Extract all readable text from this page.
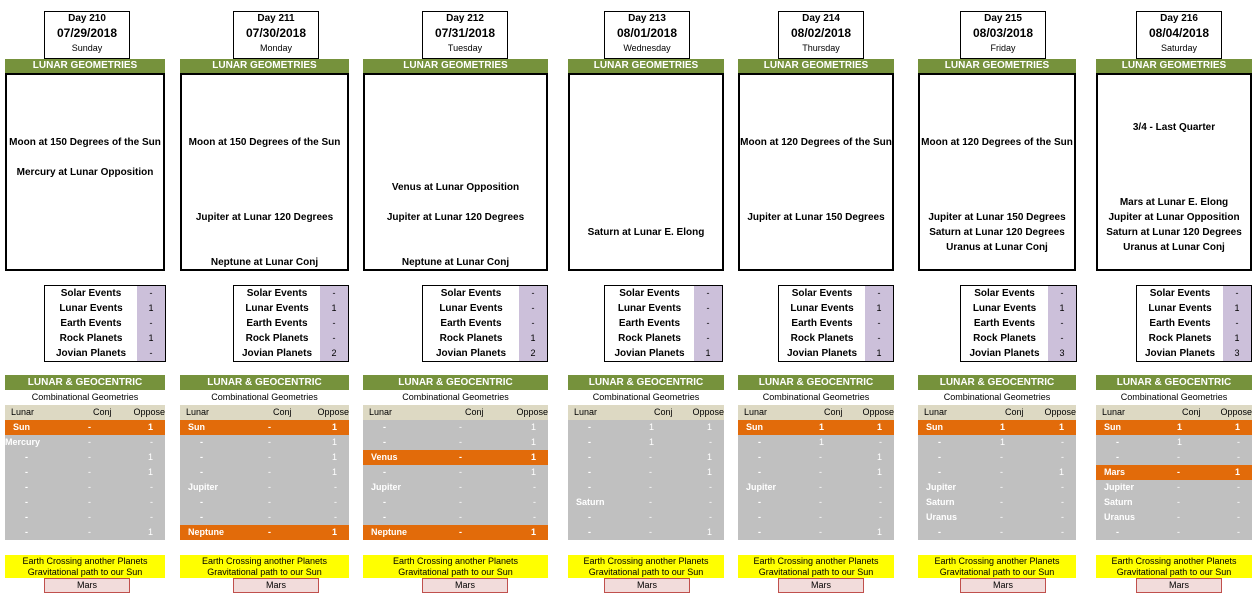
LUNAR GEOMETRIES
Moon at 150 Degrees of the Sun
Mercury at Lunar Opposition
LUNAR & GEOCENTRIC
Combinational Geometries
Lunar	Conj Oppose
Sun	-	1
Mercury	-	-
-	-	1
-	-	1
-	-	-
-	-	-
-	-	-
-	-	1
Earth Crossing another Planets
Gravitational path to our Sun
Day 210
07/29/2018
Sunday
Solar Events	-
Lunar Events	1
Earth Events	-
Rock Planets	1
Jovian Planets	-
Mars
LUNAR GEOMETRIES
Moon at 150 Degrees of the Sun
Jupiter at Lunar 120 Degrees
Neptune at Lunar Conj
LUNAR & GEOCENTRIC
Combinational Geometries
Lunar	Conj	Oppose
Sun	-	1
-	-	1
-	-	1
-	-	1
Jupiter	-	-
-	-	-
-	-	-
Neptune	-	1
Earth Crossing another Planets
Gravitational path to our Sun
Day 211
07/30/2018
Monday
Solar Events	-
Lunar Events	1
Earth Events	-
Rock Planets	-
Jovian Planets	2
Mars
LUNAR GEOMETRIES
Venus at Lunar Opposition
Jupiter at Lunar 120 Degrees
Neptune at Lunar Conj
LUNAR & GEOCENTRIC
Combinational Geometries
Lunar	Conj	Oppose
-	-	1
-	-	1
Venus	-	1
-	-	1
Jupiter	-	-
-	-	-
-	-	-
Neptune	-	1
Earth Crossing another Planets
Gravitational path to our Sun
Day 212
07/31/2018
Tuesday
Solar Events	-
Lunar Events	-
Earth Events	-
Rock Planets	1
Jovian Planets	2
Mars
LUNAR GEOMETRIES
Saturn at Lunar E. Elong
LUNAR & GEOCENTRIC
Combinational Geometries
Lunar	Conj Oppose
-	1	1
-	1	-
-	-	1
-	-	1
-	-	-
Saturn	-	-
-	-	-
-	-	1
Earth Crossing another Planets
Gravitational path to our Sun
Day 213
08/01/2018
Wednesday
Solar Events	-
Lunar Events	-
Earth Events	-
Rock Planets	-
Jovian Planets	1
Mars
LUNAR GEOMETRIES
Moon at 120 Degrees of the Sun
Jupiter at Lunar 150 Degrees
LUNAR & GEOCENTRIC
Combinational Geometries
Lunar	Conj Oppose
Sun	1	1
-	1	-
-	-	1
-	-	1
Jupiter	-	-
-	-	-
-	-	-
-	-	1
Earth Crossing another Planets
Gravitational path to our Sun
Day 214
08/02/2018
Thursday
Solar Events	-
Lunar Events	1
Earth Events	-
Rock Planets	-
Jovian Planets	1
Mars
LUNAR GEOMETRIES
Moon at 120 Degrees of the Sun
Jupiter at Lunar 150 Degrees
Saturn at Lunar 120 Degrees
Uranus at Lunar Conj
LUNAR & GEOCENTRIC
Combinational Geometries
Lunar	Conj Oppose
Sun	1	1
-	1	-
-	-	-
-	-	1
Jupiter	-	-
Saturn	-	-
Uranus	-	-
-	-	-
Earth Crossing another Planets
Gravitational path to our Sun
Day 215
08/03/2018
Friday
Solar Events	-
Lunar Events	1
Earth Events	-
Rock Planets	-
Jovian Planets	3
Mars
LUNAR GEOMETRIES
3/4 - Last Quarter
Mars at Lunar E. Elong
Jupiter at Lunar Opposition
Saturn at Lunar 120 Degrees
Uranus at Lunar Conj
LUNAR & GEOCENTRIC
Combinational Geometries
Lunar	Conj Oppose
Sun	1	1
-	1	-
-	-	-
Mars	-	1
Jupiter	-	-
Saturn	-	-
Uranus	-	-
-	-	-
Earth Crossing another Planets
Gravitational path to our Sun
Day 216
08/04/2018
Saturday
Solar Events	-
Lunar Events	1
Earth Events	-
Rock Planets	1
Jovian Planets	3
Mars
